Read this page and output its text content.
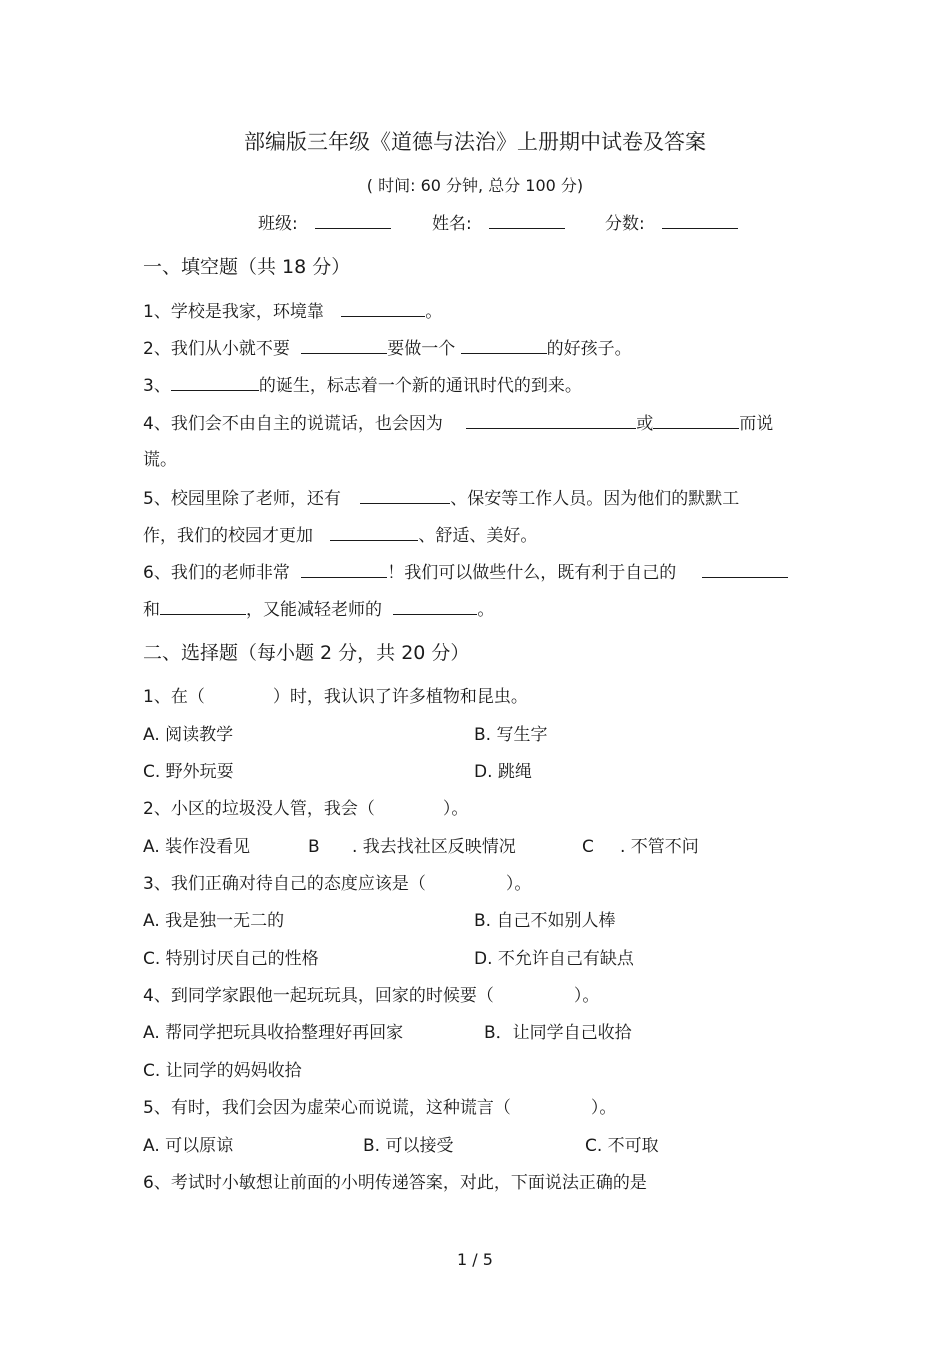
部编版三年级《道德与法治》上册期中试卷及答案
( 时间: 60 分钟, 总分 100 分)
班级:	姓名:	分数:
一、填空题（共 18 分）
1、学校是我家，环境靠	。
2、我们从小就不要	要做一个	的好孩子。
3、	的诞生，标志着一个新的通讯时代的到来。
4、我们会不由自主的说谎话，也会因为	或	而说
谎。
5、校园里除了老师，还有	、保安等工作人员。因为他们的默默工
作，我们的校园才更加	、舒适、美好。
6、我们的老师非常	！我们可以做些什么，既有利于自己的
和	，又能减轻老师的	。
二、选择题（每小题 2 分，共 20 分）
1、在（	）时，我认识了许多植物和昆虫。
A. 阅读教学	B. 写生字
C. 野外玩耍	D. 跳绳
2、小区的垃圾没人管，我会（	）。
A. 装作没看见	B . 我去找社区反映情况	C . 不管不问
3、我们正确对待自己的态度应该是（	）。
A. 我是独一无二的	B. 自己不如别人棒
C. 特别讨厌自己的性格	D. 不允许自己有缺点
4、到同学家跟他一起玩玩具，回家的时候要（	）。
A. 帮同学把玩具收拾整理好再回家	B．让同学自己收拾
C. 让同学的妈妈收拾
5、有时，我们会因为虚荣心而说谎，这种谎言（	）。
A. 可以原谅	B. 可以接受	C. 不可取
6、考试时小敏想让前面的小明传递答案，对此，下面说法正确的是
1 / 5
